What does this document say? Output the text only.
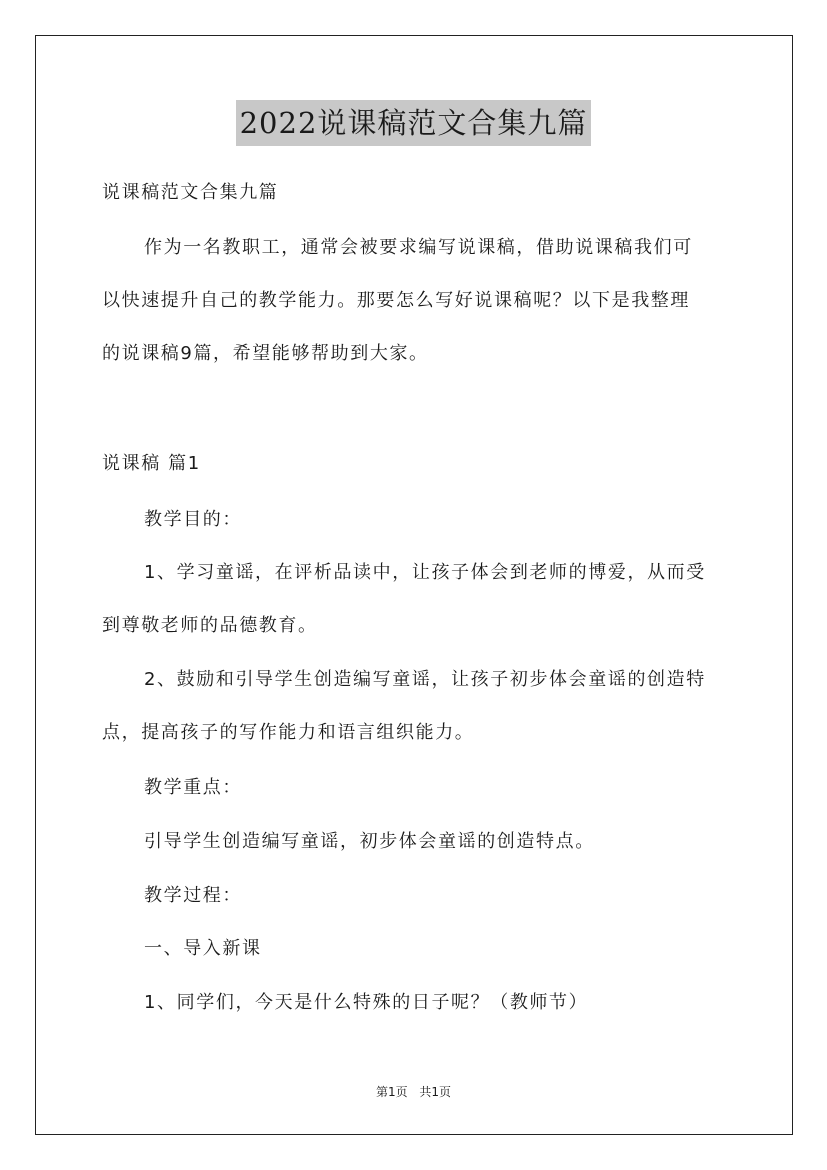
2022说课稿范文合集九篇
说课稿范文合集九篇
作为一名教职工，通常会被要求编写说课稿，借助说课稿我们可
以快速提升自己的教学能力。那要怎么写好说课稿呢？以下是我整理
的说课稿9篇，希望能够帮助到大家。
说课稿 篇1
教学目的：
1、学习童谣，在评析品读中，让孩子体会到老师的博爱，从而受
到尊敬老师的品德教育。
2、鼓励和引导学生创造编写童谣，让孩子初步体会童谣的创造特
点，提高孩子的写作能力和语言组织能力。
教学重点：
引导学生创造编写童谣，初步体会童谣的创造特点。
教学过程：
一、导入新课
1、同学们，今天是什么特殊的日子呢？（教师节）
第1页 共1页
